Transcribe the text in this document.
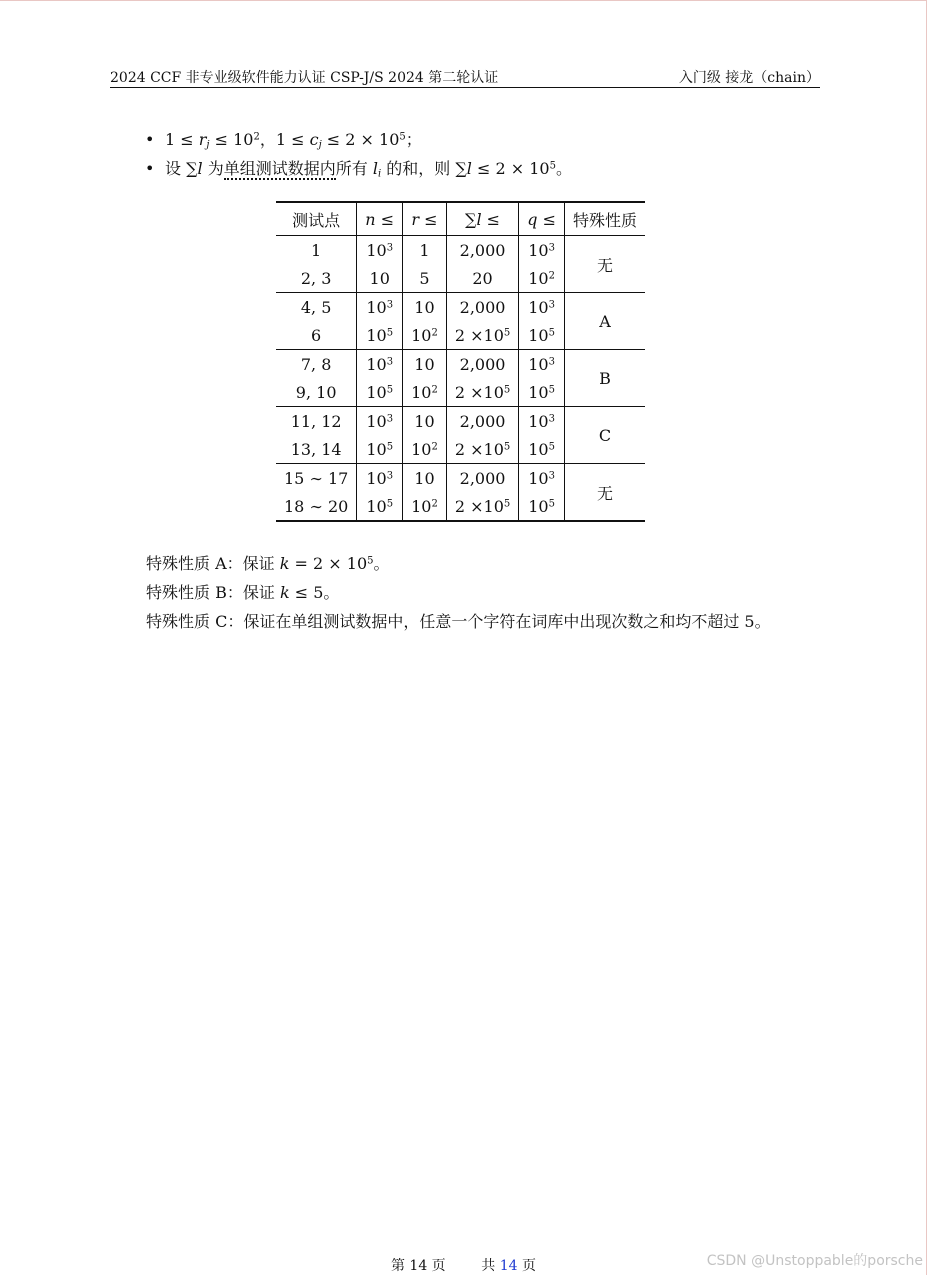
2024 CCF 非专业级软件能力认证 CSP-J/S 2024 第二轮认证	入门级 接龙（chain）
• $1 \le r_j \le 10^2$，$1 \le c_j \le 2 \times 10^5$；
• 设 ∑l 为单组测试数据内所有 $l_i$ 的和，则 $\sum l \le 2 \times 10^5$。
测试点	n ≤	r ≤	∑l ≤	q ≤	特殊性质
1	$10^3$	1	2,000	$10^3$	无
2, 3	10	5	20	$10^2$
4, 5	$10^3$	10	2,000	$10^3$	A
6	$10^5$	$10^2$	$2 \times 10^5$	$10^5$
7, 8	$10^3$	10	2,000	$10^3$	B
9, 10	$10^5$	$10^2$	$2 \times 10^5$	$10^5$
11, 12	$10^3$	10	2,000	$10^3$	C
13, 14	$10^5$	$10^2$	$2 \times 10^5$	$10^5$
15 ∼ 17	$10^3$	10	2,000	$10^3$	无
18 ∼ 20	$10^5$	$10^2$	$2 \times 10^5$	$10^5$
特殊性质 A：保证 $k = 2 \times 10^5$。
特殊性质 B：保证 k ≤ 5。
特殊性质 C：保证在单组测试数据中，任意一个字符在词库中出现次数之和均不超过 5。
第 14 页	共 14 页	CSDN @Unstoppable的porsche
